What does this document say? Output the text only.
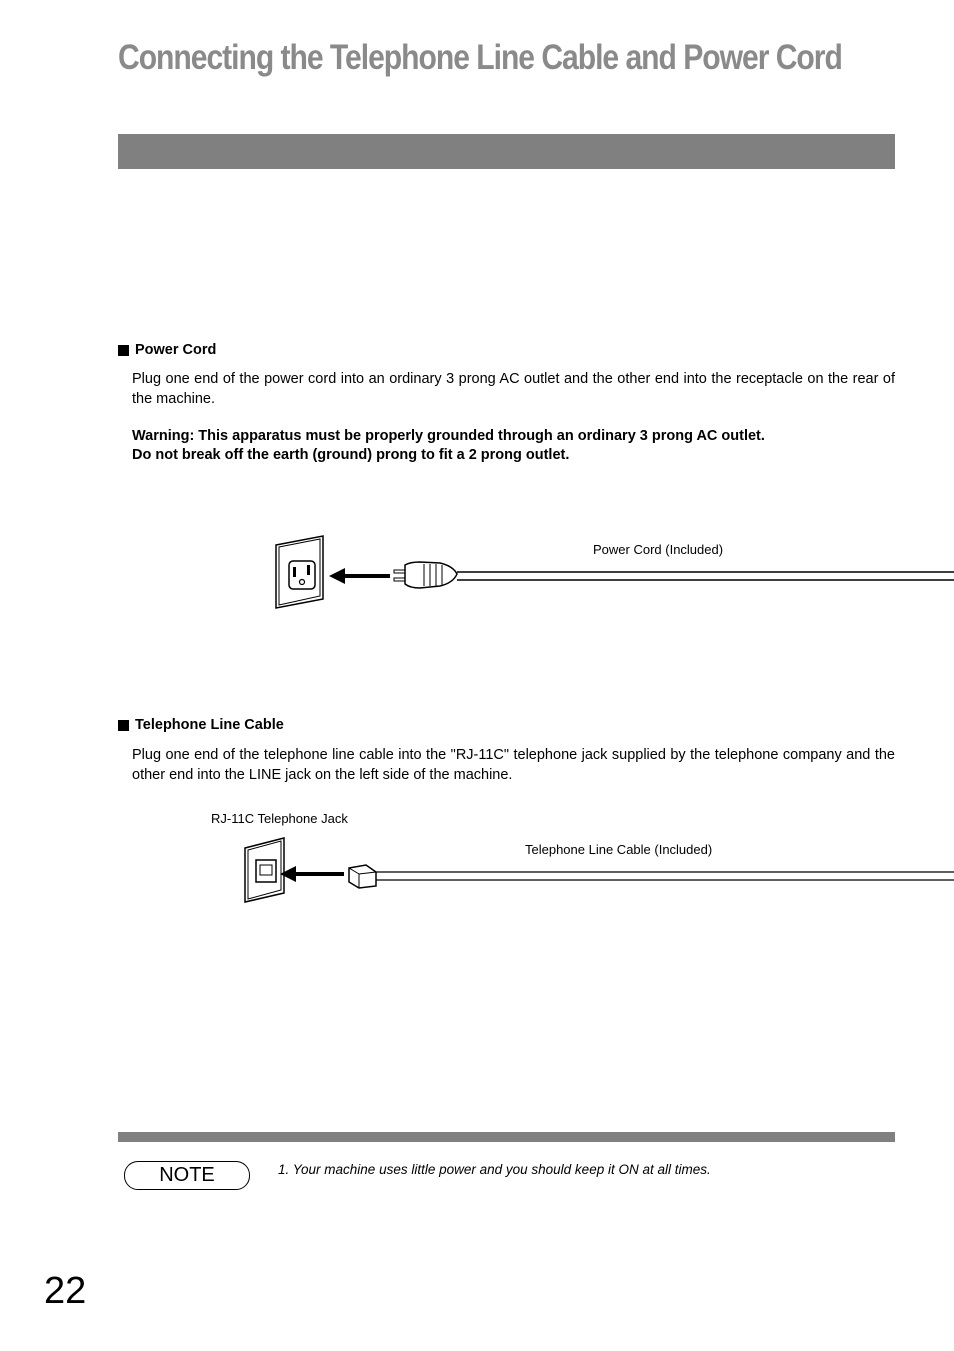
Connecting the Telephone Line Cable and Power Cord
Power Cord
Plug one end of the power cord into an ordinary 3 prong AC outlet and the other end into the receptacle on the rear of the machine.
Warning: This apparatus must be properly grounded through an ordinary 3 prong AC outlet.
Do not break off the earth (ground) prong to fit a 2 prong outlet.
Power Cord (Included)
Telephone Line Cable
Plug one end of the telephone line cable into the "RJ-11C" telephone jack supplied by the telephone company and the other end into the LINE jack on the left side of the machine.
RJ-11C Telephone Jack
Telephone Line Cable (Included)
NOTE	1. Your machine uses little power and you should keep it ON at all times.
22
